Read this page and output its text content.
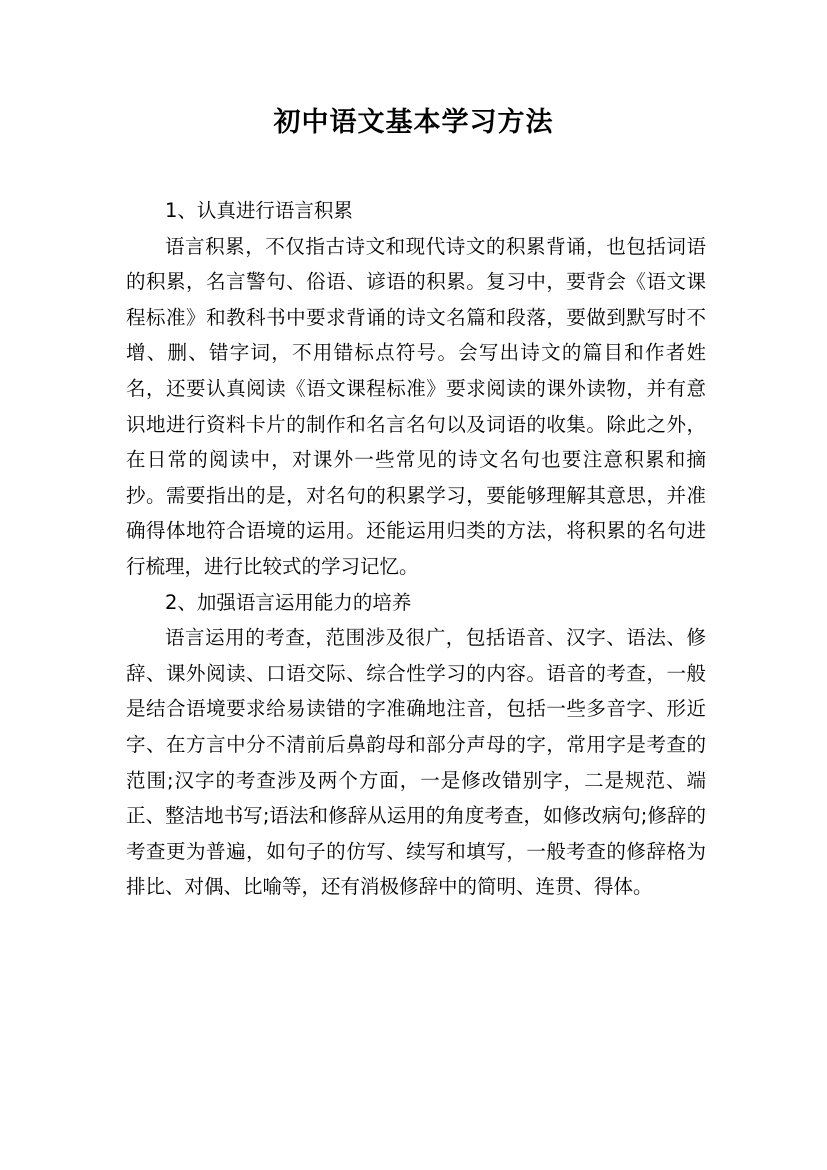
初中语文基本学习方法

1、认真进行语言积累

语言积累，不仅指古诗文和现代诗文的积累背诵，也包括词语的积累，名言警句、俗语、谚语的积累。复习中，要背会《语文课程标准》和教科书中要求背诵的诗文名篇和段落，要做到默写时不增、删、错字词，不用错标点符号。会写出诗文的篇目和作者姓名，还要认真阅读《语文课程标准》要求阅读的课外读物，并有意识地进行资料卡片的制作和名言名句以及词语的收集。除此之外，在日常的阅读中，对课外一些常见的诗文名句也要注意积累和摘抄。需要指出的是，对名句的积累学习，要能够理解其意思，并准确得体地符合语境的运用。还能运用归类的方法，将积累的名句进行梳理，进行比较式的学习记忆。

2、加强语言运用能力的培养

语言运用的考查，范围涉及很广，包括语音、汉字、语法、修辞、课外阅读、口语交际、综合性学习的内容。语音的考查，一般是结合语境要求给易读错的字准确地注音，包括一些多音字、形近字、在方言中分不清前后鼻韵母和部分声母的字，常用字是考查的范围;汉字的考查涉及两个方面，一是修改错别字，二是规范、端正、整洁地书写;语法和修辞从运用的角度考查，如修改病句;修辞的考查更为普遍，如句子的仿写、续写和填写，一般考查的修辞格为排比、对偶、比喻等，还有消极修辞中的简明、连贯、得体。
